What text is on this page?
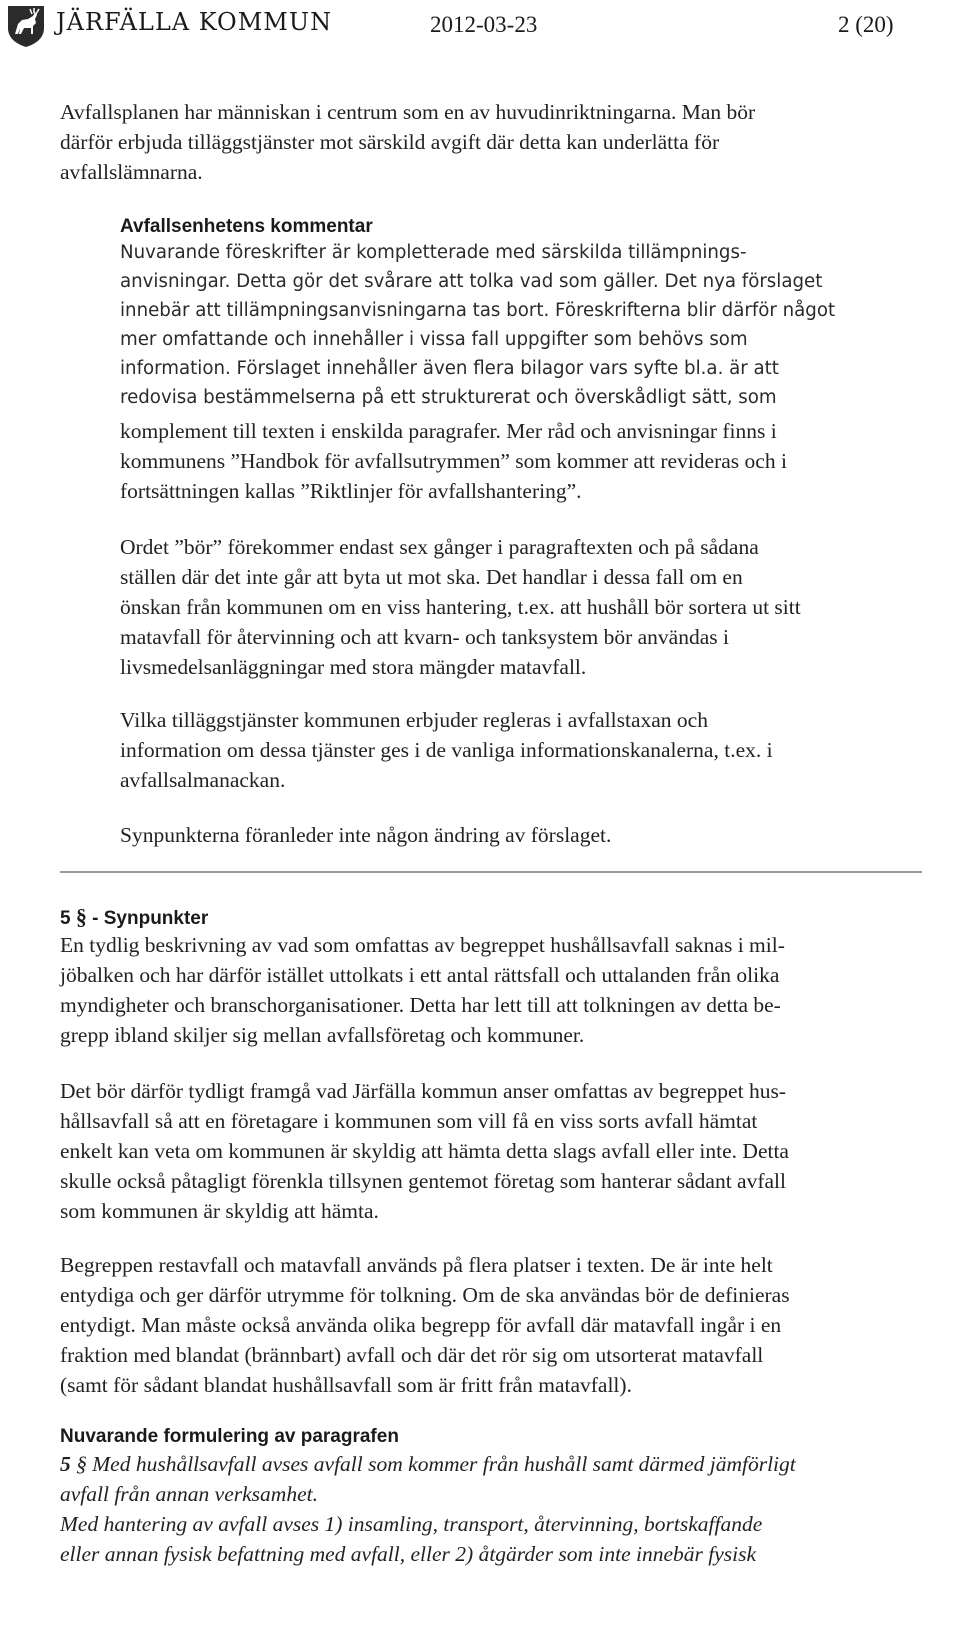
JÄRFÄLLA KOMMUN	2012-03-23	2 (20)

Avfallsplanen har människan i centrum som en av huvudinriktningarna. Man bör
därför erbjuda tilläggstjänster mot särskild avgift där detta kan underlätta för
avfallslämnarna.

Avfallsenhetens kommentar

Nuvarande föreskrifter är kompletterade med särskilda tillämpnings-
anvisningar. Detta gör det svårare att tolka vad som gäller. Det nya förslaget
innebär att tillämpningsanvisningarna tas bort. Föreskrifterna blir därför något
mer omfattande och innehåller i vissa fall uppgifter som behövs som
information. Förslaget innehåller även flera bilagor vars syfte bl.a. är att
redovisa bestämmelserna på ett strukturerat och överskådligt sätt, som

komplement till texten i enskilda paragrafer. Mer råd och anvisningar finns i
kommunens ”Handbok för avfallsutrymmen” som kommer att revideras och i
fortsättningen kallas ”Riktlinjer för avfallshantering”.

Ordet ”bör” förekommer endast sex gånger i paragraftexten och på sådana
ställen där det inte går att byta ut mot ska. Det handlar i dessa fall om en
önskan från kommunen om en viss hantering, t.ex. att hushåll bör sortera ut sitt
matavfall för återvinning och att kvarn- och tanksystem bör användas i
livsmedelsanläggningar med stora mängder matavfall.

Vilka tilläggstjänster kommunen erbjuder regleras i avfallstaxan och
information om dessa tjänster ges i de vanliga informationskanalerna, t.ex. i
avfallsalmanackan.

Synpunkterna föranleder inte någon ändring av förslaget.

5 § - Synpunkter

En tydlig beskrivning av vad som omfattas av begreppet hushållsavfall saknas i mil-
jöbalken och har därför istället uttolkats i ett antal rättsfall och uttalanden från olika
myndigheter och branschorganisationer. Detta har lett till att tolkningen av detta be-
grepp ibland skiljer sig mellan avfallsföretag och kommuner.

Det bör därför tydligt framgå vad Järfälla kommun anser omfattas av begreppet hus-
hållsavfall så att en företagare i kommunen som vill få en viss sorts avfall hämtat
enkelt kan veta om kommunen är skyldig att hämta detta slags avfall eller inte. Detta
skulle också påtagligt förenkla tillsynen gentemot företag som hanterar sådant avfall
som kommunen är skyldig att hämta.

Begreppen restavfall och matavfall används på flera platser i texten. De är inte helt
entydiga och ger därför utrymme för tolkning. Om de ska användas bör de definieras
entydigt. Man måste också använda olika begrepp för avfall där matavfall ingår i en
fraktion med blandat (brännbart) avfall och där det rör sig om utsorterat matavfall
(samt för sådant blandat hushållsavfall som är fritt från matavfall).

Nuvarande formulering av paragrafen

5 § Med hushållsavfall avses avfall som kommer från hushåll samt därmed jämförligt
avfall från annan verksamhet.
Med hantering av avfall avses 1) insamling, transport, återvinning, bortskaffande
eller annan fysisk befattning med avfall, eller 2) åtgärder som inte innebär fysisk
